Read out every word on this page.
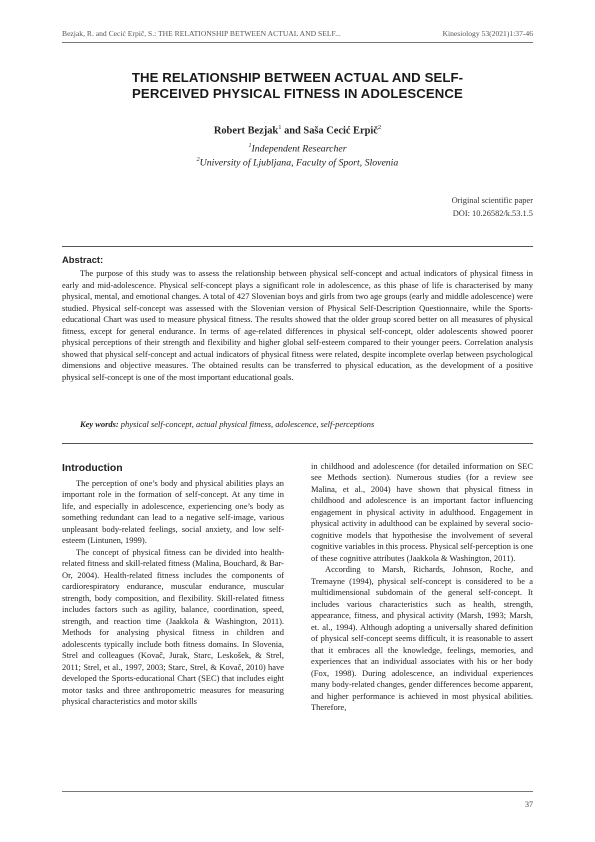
Bezjak, R. and Cecić Erpič, S.: THE RELATIONSHIP BETWEEN ACTUAL AND SELF...	Kinesiology 53(2021)1:37-46
THE RELATIONSHIP BETWEEN ACTUAL AND SELF-
PERCEIVED PHYSICAL FITNESS IN ADOLESCENCE
Robert Bezjak$^1$ and Saša Cecić Erpič$^2$
$^1$Independent Researcher
$^2$University of Ljubljana, Faculty of Sport, Slovenia
Original scientific paper
DOI: 10.26582/k.53.1.5
Abstract:

The purpose of this study was to assess the relationship between physical self-concept and actual indicators of physical fitness in early and mid-adolescence. Physical self-concept plays a significant role in adolescence, as this phase of life is characterised by many physical, mental, and emotional changes. A total of 427 Slovenian boys and girls from two age groups (early and middle adolescence) were studied. Physical self-concept was assessed with the Slovenian version of Physical Self-Description Questionnaire, while the Sports-educational Chart was used to measure physical fitness. The results showed that the older group scored better on all measures of physical fitness, except for general endurance. In terms of age-related differences in physical self-concept, older adolescents showed poorer physical perceptions of their strength and flexibility and higher global self-esteem compared to their younger peers. Correlation analysis showed that physical self-concept and actual indicators of physical fitness were related, despite incomplete overlap between psychological dimensions and objective measures. The obtained results can be transferred to physical education, as the development of a positive physical self-concept is one of the most important educational goals.

Key words: physical self-concept, actual physical fitness, adolescence, self-perceptions
Introduction

The perception of one’s body and physical abilities plays an important role in the formation of self-concept. At any time in life, and especially in adolescence, experiencing one’s body as something redundant can lead to a negative self-image, various unpleasant body-related feelings, social anxiety, and low self-esteem (Lintunen, 1999).

The concept of physical fitness can be divided into health-related fitness and skill-related fitness (Malina, Bouchard, & Bar-Or, 2004). Health-related fitness includes the components of cardiorespiratory endurance, muscular endurance, muscular strength, body composition, and flexibility. Skill-related fitness includes factors such as agility, balance, coordination, speed, strength, and reaction time (Jaakkola & Washington, 2011). Methods for analysing physical fitness in children and adolescents typically include both fitness domains. In Slovenia, Strel and colleagues (Kovač, Jurak, Starc, Leskošek, & Strel, 2011; Strel, et al., 1997, 2003; Starc, Strel, & Kovač, 2010) have developed the Sports-educational Chart (SEC) that includes eight motor tasks and three anthropometric measures for measuring physical characteristics and motor skills

in childhood and adolescence (for detailed information on SEC see Methods section). Numerous studies (for a review see Malina, et al., 2004) have shown that physical fitness in childhood and adolescence is an important factor influencing engagement in physical activity in adulthood. Engagement in physical activity in adulthood can be explained by several socio-cognitive models that hypothesise the involvement of several cognitive variables in this process. Physical self-perception is one of these cognitive attributes (Jaakkola & Washington, 2011).

According to Marsh, Richards, Johnson, Roche, and Tremayne (1994), physical self-concept is considered to be a multidimensional subdomain of the general self-concept. It includes various characteristics such as health, strength, appearance, fitness, and physical activity (Marsh, 1993; Marsh, et. al., 1994). Although adopting a universally shared definition of physical self-concept seems difficult, it is reasonable to assert that it embraces all the knowledge, feelings, memories, and experiences that an individual associates with his or her body (Fox, 1998). During adolescence, an individual experiences many body-related changes, gender differences become apparent, and higher performance is achieved in most physical abilities. Therefore,

37
